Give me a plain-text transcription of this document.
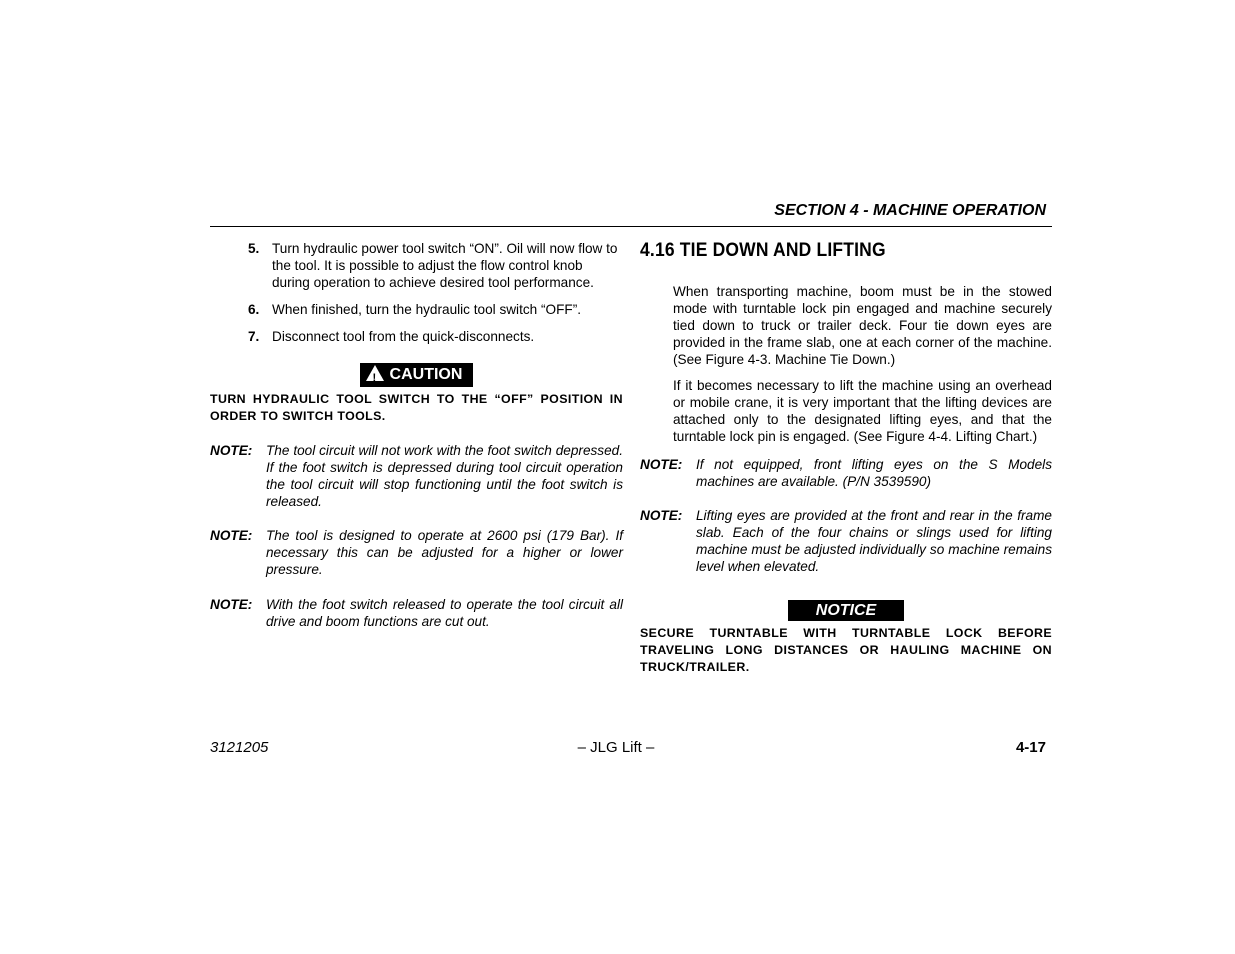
SECTION 4 - MACHINE OPERATION
5. Turn hydraulic power tool switch “ON”. Oil will now flow to the tool. It is possible to adjust the flow control knob during operation to achieve desired tool performance.
6. When finished, turn the hydraulic tool switch “OFF”.
7. Disconnect tool from the quick-disconnects.
! CAUTION
TURN HYDRAULIC TOOL SWITCH TO THE “OFF” POSITION IN ORDER TO SWITCH TOOLS.
NOTE: The tool circuit will not work with the foot switch depressed. If the foot switch is depressed during tool circuit operation the tool circuit will stop functioning until the foot switch is released.
NOTE: The tool is designed to operate at 2600 psi (179 Bar). If necessary this can be adjusted for a higher or lower pressure.
NOTE: With the foot switch released to operate the tool circuit all drive and boom functions are cut out.
4.16 TIE DOWN AND LIFTING
When transporting machine, boom must be in the stowed mode with turntable lock pin engaged and machine securely tied down to truck or trailer deck. Four tie down eyes are provided in the frame slab, one at each corner of the machine. (See Figure 4-3. Machine Tie Down.)
If it becomes necessary to lift the machine using an overhead or mobile crane, it is very important that the lifting devices are attached only to the designated lifting eyes, and that the turntable lock pin is engaged. (See Figure 4-4. Lifting Chart.)
NOTE: If not equipped, front lifting eyes on the S Models machines are available. (P/N 3539590)
NOTE: Lifting eyes are provided at the front and rear in the frame slab. Each of the four chains or slings used for lifting machine must be adjusted individually so machine remains level when elevated.
NOTICE
SECURE TURNTABLE WITH TURNTABLE LOCK BEFORE TRAVELING LONG DISTANCES OR HAULING MACHINE ON TRUCK/TRAILER.
3121205	– JLG Lift –	4-17
